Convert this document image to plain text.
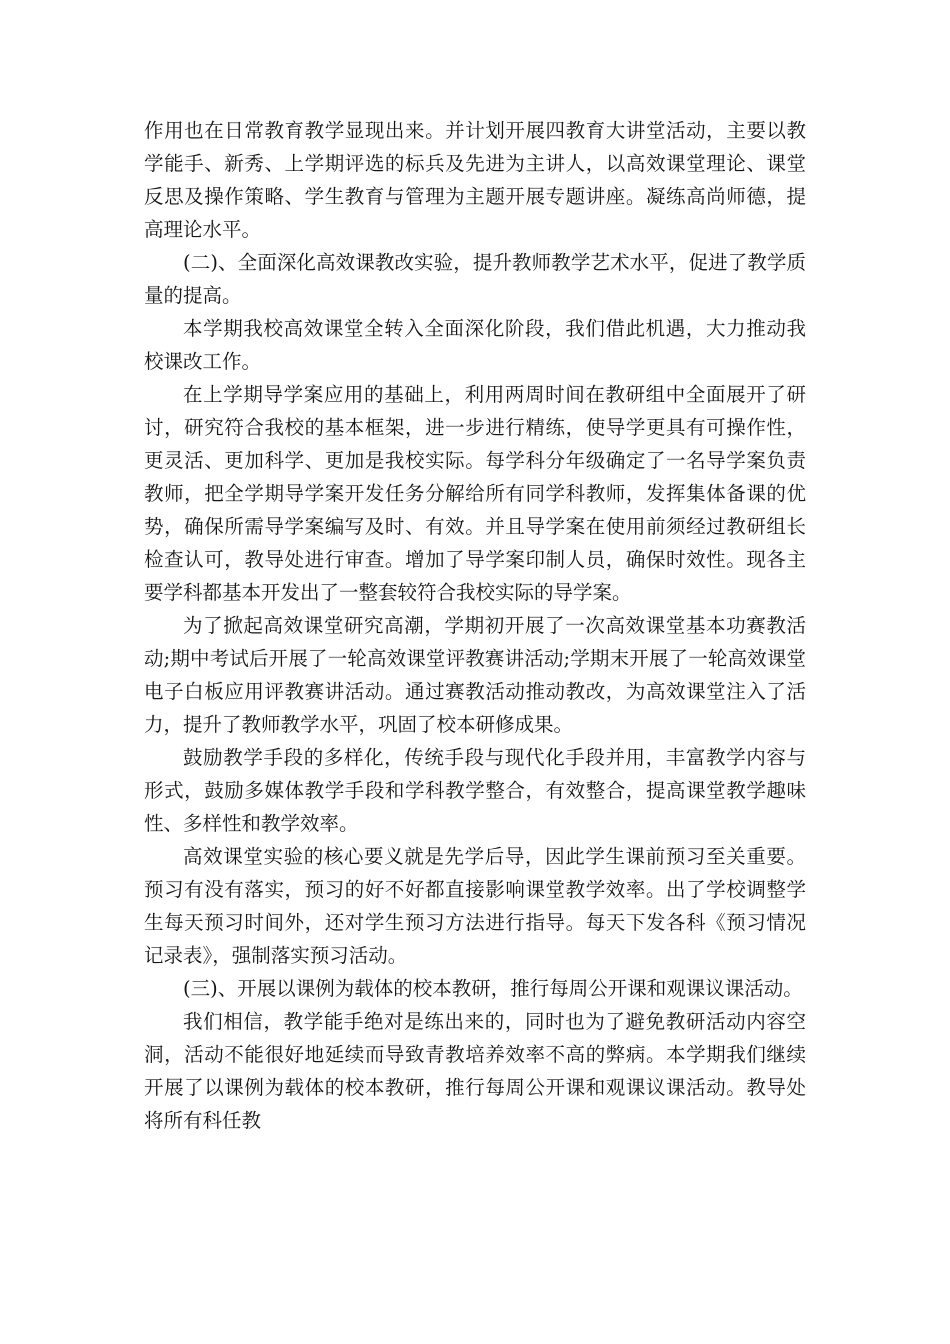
作用也在日常教育教学显现出来。并计划开展四教育大讲堂活动，主要以教学能手、新秀、上学期评选的标兵及先进为主讲人，以高效课堂理论、课堂反思及操作策略、学生教育与管理为主题开展专题讲座。凝练高尚师德，提高理论水平。

(二)、全面深化高效课教改实验，提升教师教学艺术水平，促进了教学质量的提高。

本学期我校高效课堂全转入全面深化阶段，我们借此机遇，大力推动我校课改工作。

在上学期导学案应用的基础上，利用两周时间在教研组中全面展开了研讨，研究符合我校的基本框架，进一步进行精练，使导学更具有可操作性，更灵活、更加科学、更加是我校实际。每学科分年级确定了一名导学案负责教师，把全学期导学案开发任务分解给所有同学科教师，发挥集体备课的优势，确保所需导学案编写及时、有效。并且导学案在使用前须经过教研组长检查认可，教导处进行审查。增加了导学案印制人员，确保时效性。现各主要学科都基本开发出了一整套较符合我校实际的导学案。

为了掀起高效课堂研究高潮，学期初开展了一次高效课堂基本功赛教活动;期中考试后开展了一轮高效课堂评教赛讲活动;学期末开展了一轮高效课堂电子白板应用评教赛讲活动。通过赛教活动推动教改，为高效课堂注入了活力，提升了教师教学水平，巩固了校本研修成果。

鼓励教学手段的多样化，传统手段与现代化手段并用，丰富教学内容与形式，鼓励多媒体教学手段和学科教学整合，有效整合，提高课堂教学趣味性、多样性和教学效率。

高效课堂实验的核心要义就是先学后导，因此学生课前预习至关重要。预习有没有落实，预习的好不好都直接影响课堂教学效率。出了学校调整学生每天预习时间外，还对学生预习方法进行指导。每天下发各科《预习情况记录表》，强制落实预习活动。

(三)、开展以课例为载体的校本教研，推行每周公开课和观课议课活动。

我们相信，教学能手绝对是练出来的，同时也为了避免教研活动内容空洞，活动不能很好地延续而导致青教培养效率不高的弊病。本学期我们继续开展了以课例为载体的校本教研，推行每周公开课和观课议课活动。教导处将所有科任教
